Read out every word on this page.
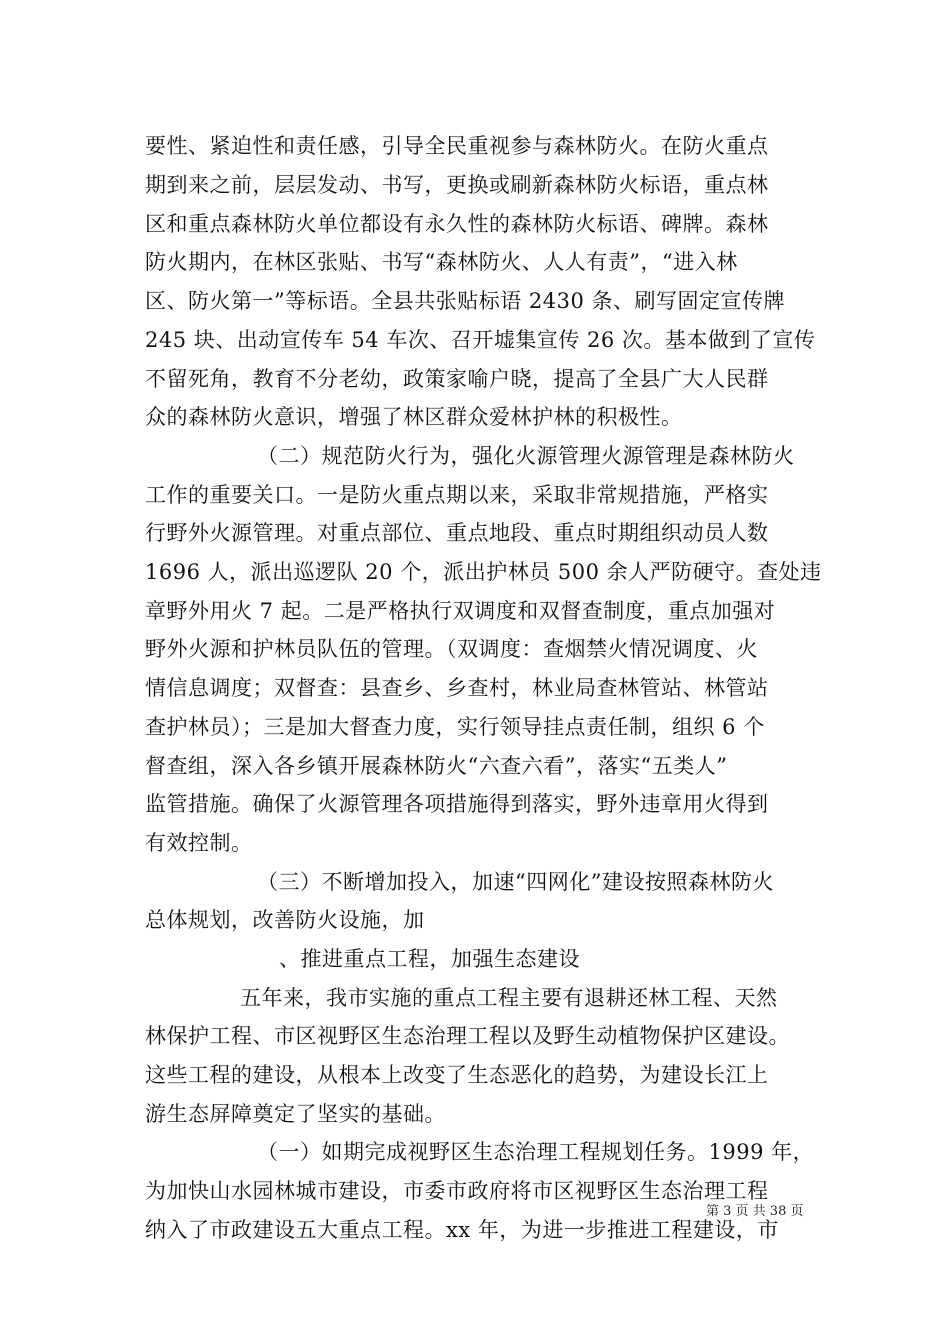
要性、紧迫性和责任感，引导全民重视参与森林防火。在防火重点
期到来之前，层层发动、书写，更换或刷新森林防火标语，重点林
区和重点森林防火单位都设有永久性的森林防火标语、碑牌。森林
防火期内，在林区张贴、书写“森林防火、人人有责”，“进入林
区、防火第一”等标语。全县共张贴标语 2430 条、刷写固定宣传牌
245 块、出动宣传车 54 车次、召开墟集宣传 26 次。基本做到了宣传
不留死角，教育不分老幼，政策家喻户晓，提高了全县广大人民群
众的森林防火意识，增强了林区群众爱林护林的积极性。
（二）规范防火行为，强化火源管理火源管理是森林防火
工作的重要关口。一是防火重点期以来，采取非常规措施，严格实
行野外火源管理。对重点部位、重点地段、重点时期组织动员人数
1696 人，派出巡逻队 20 个，派出护林员 500 余人严防硬守。查处违
章野外用火 7 起。二是严格执行双调度和双督查制度，重点加强对
野外火源和护林员队伍的管理。（双调度：查烟禁火情况调度、火
情信息调度；双督查：县查乡、乡查村，林业局查林管站、林管站
查护林员）；三是加大督查力度，实行领导挂点责任制，组织 6 个
督查组，深入各乡镇开展森林防火“六查六看”，落实“五类人”
监管措施。确保了火源管理各项措施得到落实，野外违章用火得到
有效控制。
（三）不断增加投入，加速“四网化”建设按照森林防火
总体规划，改善防火设施，加
、推进重点工程，加强生态建设
五年来，我市实施的重点工程主要有退耕还林工程、天然
林保护工程、市区视野区生态治理工程以及野生动植物保护区建设。
这些工程的建设，从根本上改变了生态恶化的趋势，为建设长江上
游生态屏障奠定了坚实的基础。
（一）如期完成视野区生态治理工程规划任务。1999 年，
为加快山水园林城市建设，市委市政府将市区视野区生态治理工程
纳入了市政建设五大重点工程。xx 年，为进一步推进工程建设，市
第 3 页 共 38 页
